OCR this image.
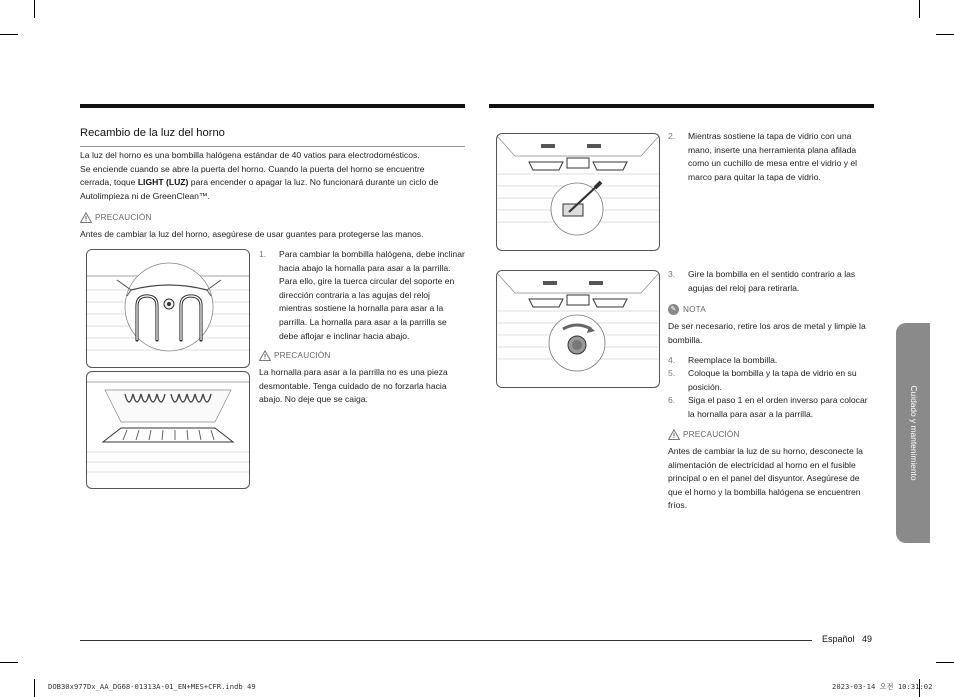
Recambio de la luz del horno

La luz del horno es una bombilla halógena estándar de 40 vatios para electrodomésticos.

Se enciende cuando se abre la puerta del horno. Cuando la puerta del horno se encuentre

cerrada, toque LIGHT (LUZ) para encender o apagar la luz. No funcionará durante un ciclo de

Autolimpieza ni de GreenClean™.

PRECAUCIÓN

Antes de cambiar la luz del horno, asegúrese de usar guantes para protegerse las manos.

1.	Para cambiar la bombilla halógena, debe inclinar hacia abajo la hornalla para asar a la parrilla. Para ello, gire la tuerca circular del soporte en dirección contraria a las agujas del reloj mientras sostiene la hornalla para asar a la parrilla. La hornalla para asar a la parrilla se debe aflojar e inclinar hacia abajo.
PRECAUCIÓN

La hornalla para asar a la parrilla no es una pieza desmontable. Tenga cuidado de no forzarla hacia abajo. No deje que se caiga.

2.	Mientras sostiene la tapa de vidrio con una mano, inserte una herramienta plana afilada como un cuchillo de mesa entre el vidrio y el marco para quitar la tapa de vidrio.
3.	Gire la bombilla en el sentido contrario a las agujas del reloj para retirarla.
✎ NOTA

De ser necesario, retire los aros de metal y limpie la bombilla.

4.	Reemplace la bombilla.
5.	Coloque la bombilla y la tapa de vidrio en su posición.
6.	Siga el paso 1 en el orden inverso para colocar la hornalla para asar a la parrilla.
PRECAUCIÓN

Antes de cambiar la luz de su horno, desconecte la alimentación de electricidad al horno en el fusible principal o en el panel del disyuntor. Asegúrese de que el horno y la bombilla halógena se encuentren fríos.

Cuidado y mantenimiento
Español 49
DOB30x977Dx_AA_DG68-01313A-01_EN+MES+CFR.indb 49	2023-03-14 오전 10:31:02
